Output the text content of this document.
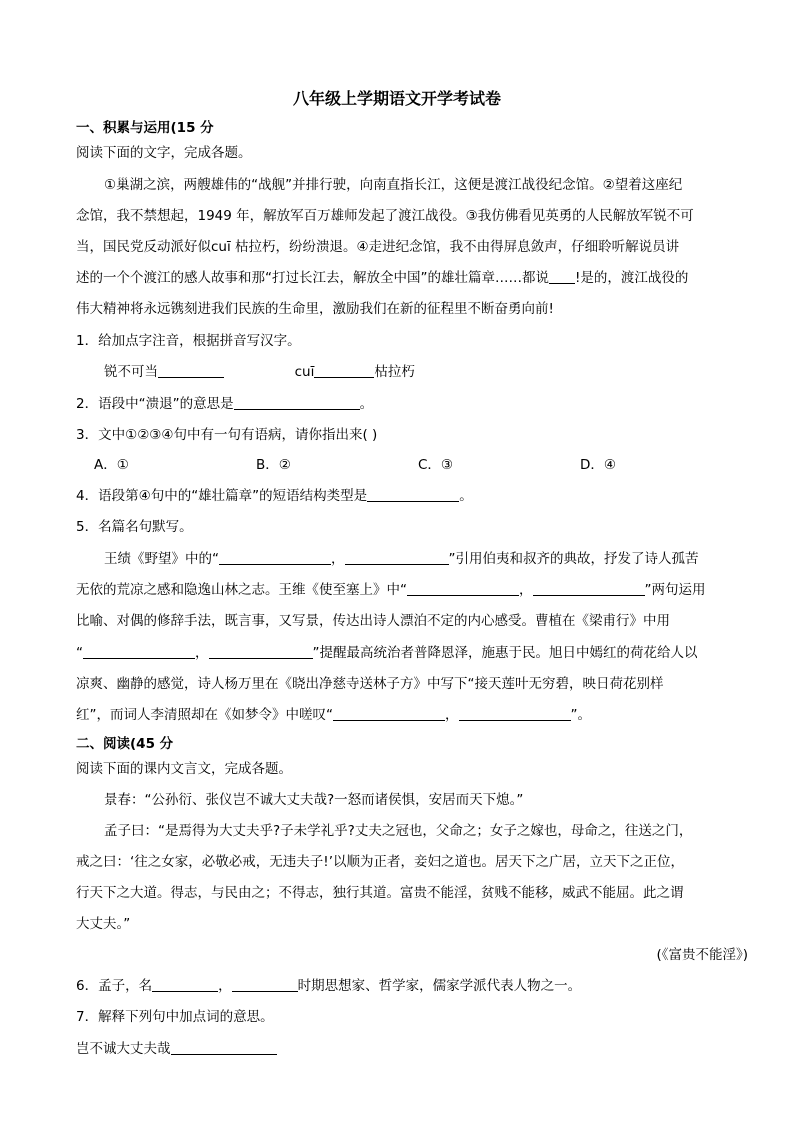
八年级上学期语文开学考试卷
一、积累与运用(15 分
阅读下面的文字，完成各题。
①巢湖之滨，两艘雄伟的“战舰”并排行驶，向南直指长江，这便是渡江战役纪念馆。②望着这座纪
念馆，我不禁想起，1949 年，解放军百万雄师发起了渡江战役。③我仿佛看见英勇的人民解放军锐不可
当，国民党反动派好似cuī 枯拉朽，纷纷溃退。④走进纪念馆，我不由得屏息敛声，仔细聆听解说员讲
述的一个个渡江的感人故事和那“打过长江去，解放全中国”的雄壮篇章……都说 !是的，渡江战役的
伟大精神将永远镌刻进我们民族的生命里，激励我们在新的征程里不断奋勇向前!
1．给加点字注音，根据拼音写汉字。
锐不可当	cuī	枯拉朽
2．语段中“溃退”的意思是	。
3．文中①②③④句中有一句有语病，请你指出来( )
A．①	B．②	C．③	D．④
4．语段第④句中的“雄壮篇章”的短语结构类型是	。
5．名篇名句默写。
王绩《野望》中的“	，	”引用伯夷和叔齐的典故，抒发了诗人孤苦
无依的荒凉之感和隐逸山林之志。王维《使至塞上》中“	，	”两句运用
比喻、对偶的修辞手法，既言事，又写景，传达出诗人漂泊不定的内心感受。曹植在《梁甫行》中用
“	，	”提醒最高统治者普降恩泽，施惠于民。旭日中嫣红的荷花给人以
凉爽、幽静的感觉，诗人杨万里在《晓出净慈寺送林子方》中写下“接天莲叶无穷碧，映日荷花别样
红”，而词人李清照却在《如梦令》中嗟叹“	，	”。
二、阅读(45 分
阅读下面的课内文言文，完成各题。
景春：“公孙衍、张仪岂不诚大丈夫哉?一怒而诸侯惧，安居而天下熄。”
孟子曰：“是焉得为大丈夫乎?子未学礼乎?丈夫之冠也，父命之；女子之嫁也，母命之，往送之门，
戒之曰：‘往之女家，必敬必戒，无违夫子!’以顺为正者，妾妇之道也。居天下之广居，立天下之正位，
行天下之大道。得志，与民由之；不得志，独行其道。富贵不能淫，贫贱不能移，威武不能屈。此之谓
大丈夫。”
(《富贵不能淫》)
6．孟子，名	，	时期思想家、哲学家，儒家学派代表人物之一。
7．解释下列句中加点词的意思。
岂不诚大丈夫哉
